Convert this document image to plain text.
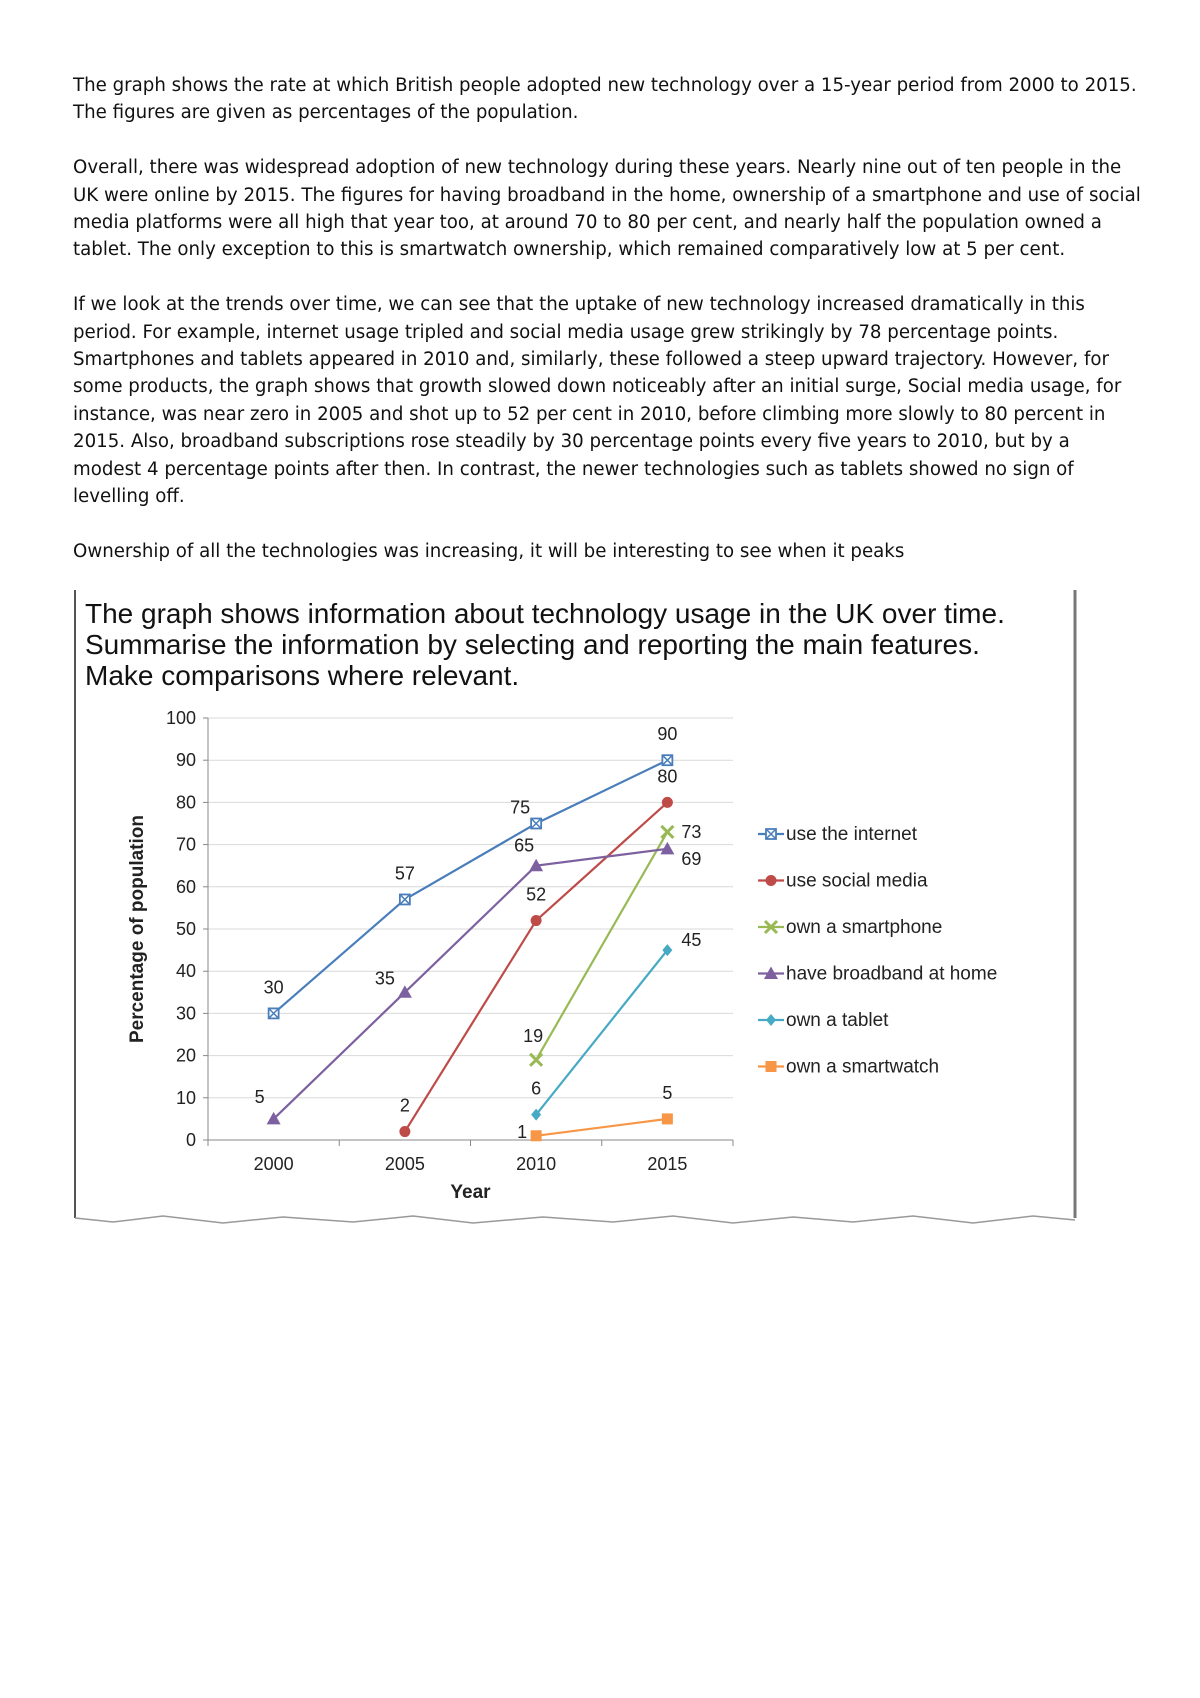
The graph shows the rate at which British people adopted new technology over a 15-year period from 2000 to 2015. The figures are given as percentages of the population.

Overall, there was widespread adoption of new technology during these years. Nearly nine out of ten people in the UK were online by 2015. The figures for having broadband in the home, ownership of a smartphone and use of social media platforms were all high that year too, at around 70 to 80 per cent, and nearly half the population owned a tablet. The only exception to this is smartwatch ownership, which remained comparatively low at 5 per cent.

If we look at the trends over time, we can see that the uptake of new technology increased dramatically in this period. For example, internet usage tripled and social media usage grew strikingly by 78 percentage points. Smartphones and tablets appeared in 2010 and, similarly, these followed a steep upward trajectory. However, for some products, the graph shows that growth slowed down noticeably after an initial surge, Social media usage, for instance, was near zero in 2005 and shot up to 52 per cent in 2010, before climbing more slowly to 80 percent in 2015. Also, broadband subscriptions rose steadily by 30 percentage points every five years to 2010, but by a modest 4 percentage points after then. In contrast, the newer technologies such as tablets showed no sign of levelling off.

Ownership of all the technologies was increasing, it will be interesting to see when it peaks

The graph shows information about technology usage in the UK over time.
Summarise the information by selecting and reporting the main features.
Make comparisons where relevant.
0
10
20
30
40
50
60
70
80
90
100
2000	2005	2010	2015
Percentage of population
Year
30
57
75
90
2
52
80
19
73
5
35
65
69
6
45
1
5
use the internet
use social media
own a smartphone
have broadband at home
own a tablet
own a smartwatch
